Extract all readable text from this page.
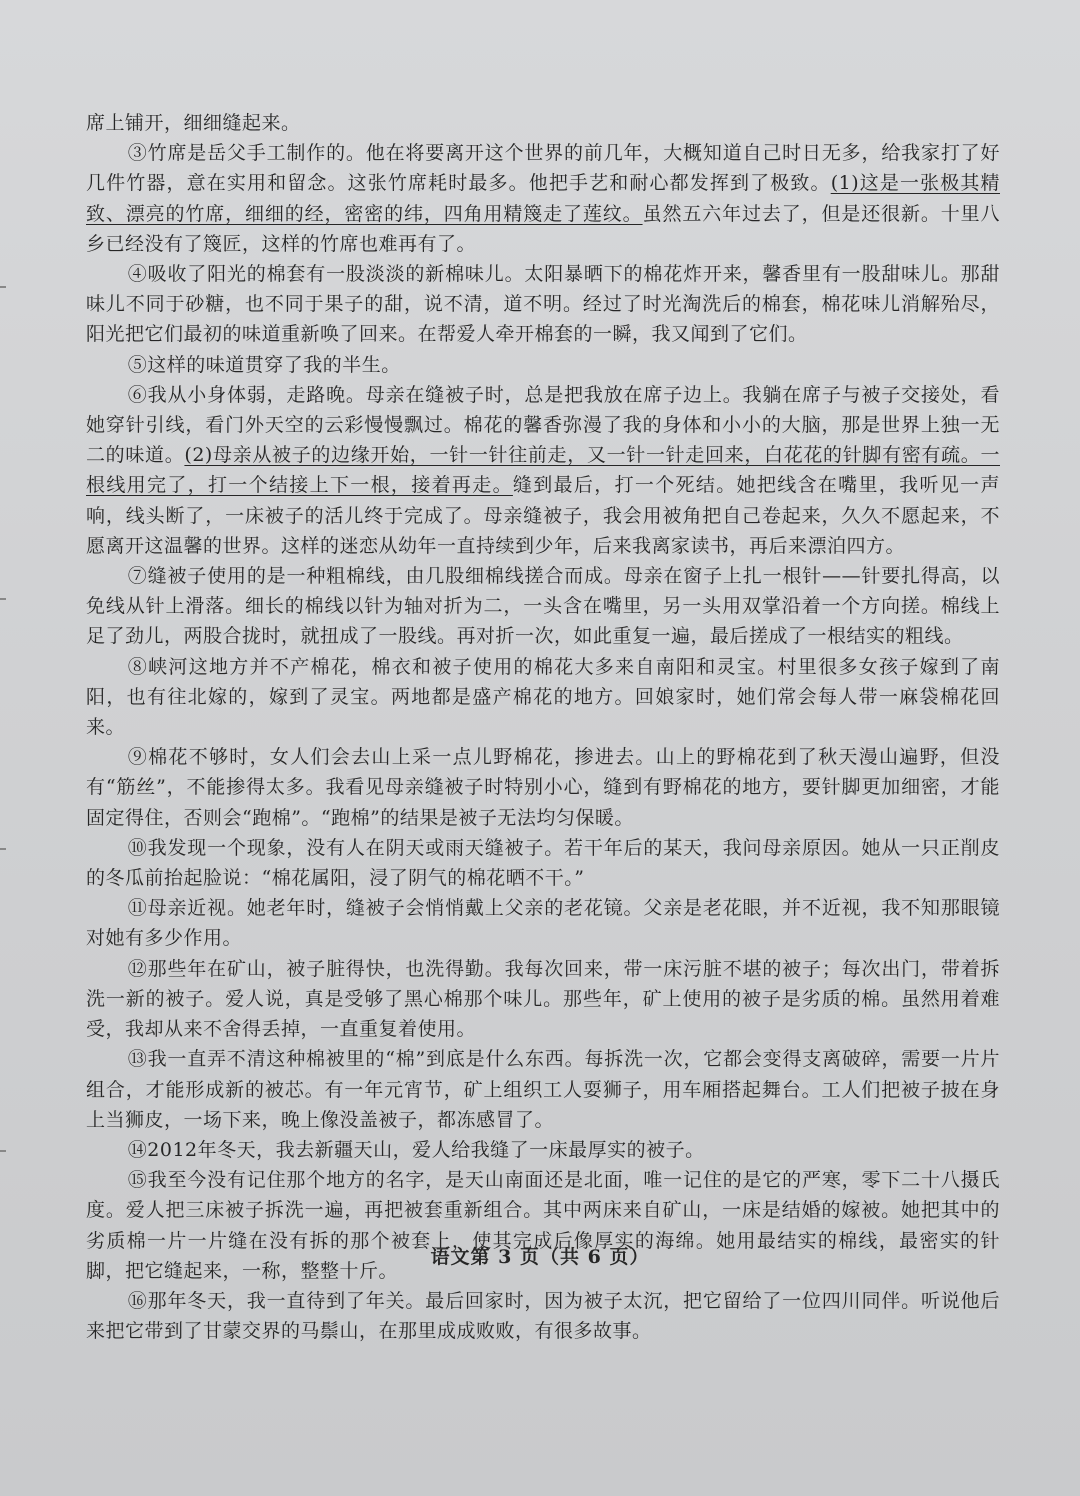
席上铺开，细细缝起来。

③竹席是岳父手工制作的。他在将要离开这个世界的前几年，大概知道自己时日无多，给我家打了好几件竹器，意在实用和留念。这张竹席耗时最多。他把手艺和耐心都发挥到了极致。(1)这是一张极其精致、漂亮的竹席，细细的经，密密的纬，四角用精篾走了莲纹。虽然五六年过去了，但是还很新。十里八乡已经没有了篾匠，这样的竹席也难再有了。

④吸收了阳光的棉套有一股淡淡的新棉味儿。太阳暴晒下的棉花炸开来，馨香里有一股甜味儿。那甜味儿不同于砂糖，也不同于果子的甜，说不清，道不明。经过了时光淘洗后的棉套，棉花味儿消解殆尽，阳光把它们最初的味道重新唤了回来。在帮爱人牵开棉套的一瞬，我又闻到了它们。

⑤这样的味道贯穿了我的半生。

⑥我从小身体弱，走路晚。母亲在缝被子时，总是把我放在席子边上。我躺在席子与被子交接处，看她穿针引线，看门外天空的云彩慢慢飘过。棉花的馨香弥漫了我的身体和小小的大脑，那是世界上独一无二的味道。(2)母亲从被子的边缘开始，一针一针往前走，又一针一针走回来，白花花的针脚有密有疏。一根线用完了，打一个结接上下一根，接着再走。缝到最后，打一个死结。她把线含在嘴里，我听见一声响，线头断了，一床被子的活儿终于完成了。母亲缝被子，我会用被角把自己卷起来，久久不愿起来，不愿离开这温馨的世界。这样的迷恋从幼年一直持续到少年，后来我离家读书，再后来漂泊四方。

⑦缝被子使用的是一种粗棉线，由几股细棉线搓合而成。母亲在窗子上扎一根针——针要扎得高，以免线从针上滑落。细长的棉线以针为轴对折为二，一头含在嘴里，另一头用双掌沿着一个方向搓。棉线上足了劲儿，两股合拢时，就扭成了一股线。再对折一次，如此重复一遍，最后搓成了一根结实的粗线。

⑧峡河这地方并不产棉花，棉衣和被子使用的棉花大多来自南阳和灵宝。村里很多女孩子嫁到了南阳，也有往北嫁的，嫁到了灵宝。两地都是盛产棉花的地方。回娘家时，她们常会每人带一麻袋棉花回来。

⑨棉花不够时，女人们会去山上采一点儿野棉花，掺进去。山上的野棉花到了秋天漫山遍野，但没有“筋丝”，不能掺得太多。我看见母亲缝被子时特别小心，缝到有野棉花的地方，要针脚更加细密，才能固定得住，否则会“跑棉”。“跑棉”的结果是被子无法均匀保暖。

⑩我发现一个现象，没有人在阴天或雨天缝被子。若干年后的某天，我问母亲原因。她从一只正削皮的冬瓜前抬起脸说：“棉花属阳，浸了阴气的棉花晒不干。”

⑪母亲近视。她老年时，缝被子会悄悄戴上父亲的老花镜。父亲是老花眼，并不近视，我不知那眼镜对她有多少作用。

⑫那些年在矿山，被子脏得快，也洗得勤。我每次回来，带一床污脏不堪的被子；每次出门，带着拆洗一新的被子。爱人说，真是受够了黑心棉那个味儿。那些年，矿上使用的被子是劣质的棉。虽然用着难受，我却从来不舍得丢掉，一直重复着使用。

⑬我一直弄不清这种棉被里的“棉”到底是什么东西。每拆洗一次，它都会变得支离破碎，需要一片片组合，才能形成新的被芯。有一年元宵节，矿上组织工人耍狮子，用车厢搭起舞台。工人们把被子披在身上当狮皮，一场下来，晚上像没盖被子，都冻感冒了。

⑭2012年冬天，我去新疆天山，爱人给我缝了一床最厚实的被子。

⑮我至今没有记住那个地方的名字，是天山南面还是北面，唯一记住的是它的严寒，零下二十八摄氏度。爱人把三床被子拆洗一遍，再把被套重新组合。其中两床来自矿山，一床是结婚的嫁被。她把其中的劣质棉一片一片缝在没有拆的那个被套上，使其完成后像厚实的海绵。她用最结实的棉线，最密实的针脚，把它缝起来，一称，整整十斤。

⑯那年冬天，我一直待到了年关。最后回家时，因为被子太沉，把它留给了一位四川同伴。听说他后来把它带到了甘蒙交界的马鬃山，在那里成成败败，有很多故事。

语文第 3 页（共 6 页）
